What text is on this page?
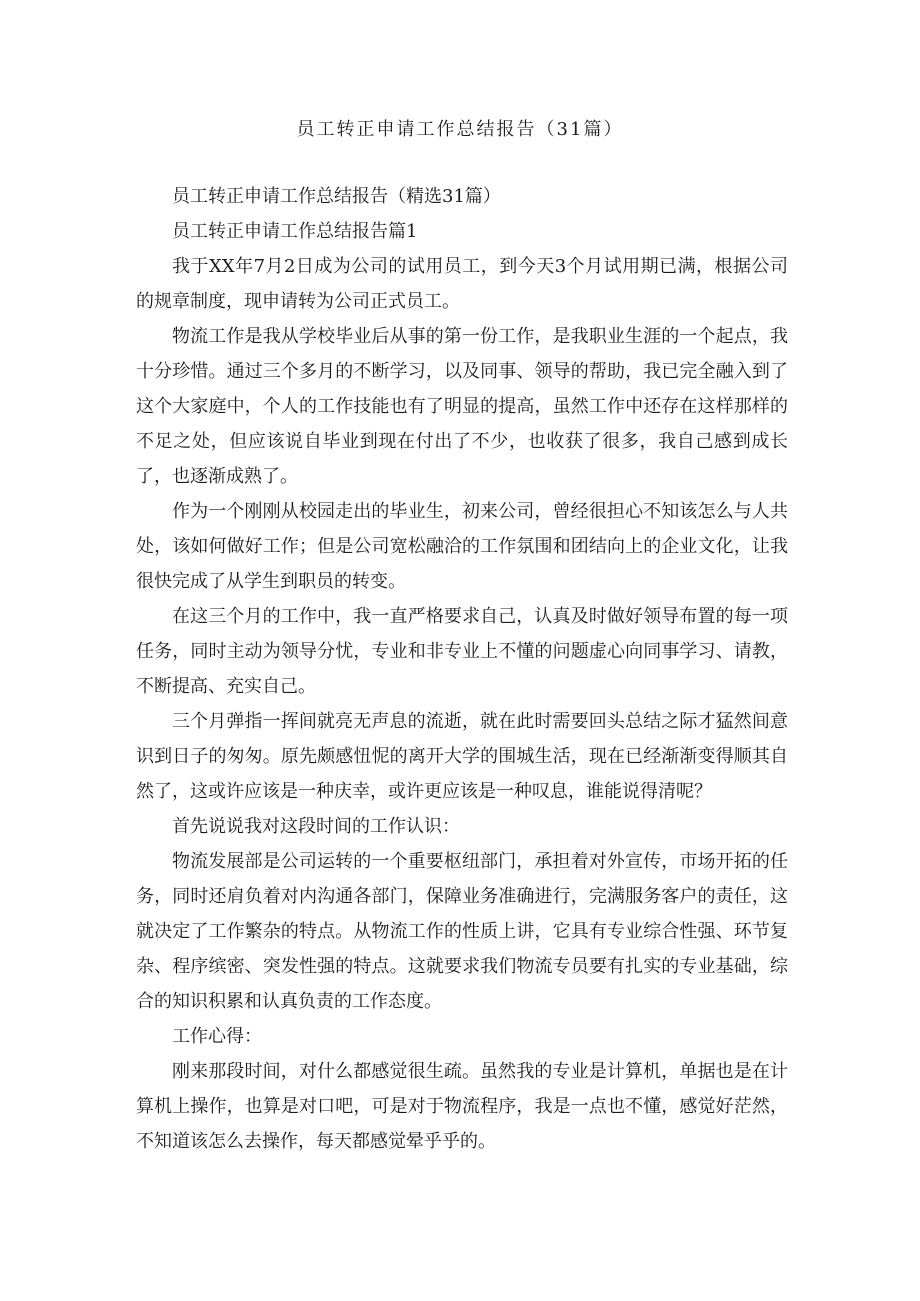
员工转正申请工作总结报告（31篇）

员工转正申请工作总结报告（精选31篇）

员工转正申请工作总结报告篇1

我于XX年7月2日成为公司的试用员工，到今天3个月试用期已满，根据公司的规章制度，现申请转为公司正式员工。

物流工作是我从学校毕业后从事的第一份工作，是我职业生涯的一个起点，我十分珍惜。通过三个多月的不断学习，以及同事、领导的帮助，我已完全融入到了这个大家庭中，个人的工作技能也有了明显的提高，虽然工作中还存在这样那样的不足之处，但应该说自毕业到现在付出了不少，也收获了很多，我自己感到成长了，也逐渐成熟了。

作为一个刚刚从校园走出的毕业生，初来公司，曾经很担心不知该怎么与人共处，该如何做好工作；但是公司宽松融洽的工作氛围和团结向上的企业文化，让我很快完成了从学生到职员的转变。

在这三个月的工作中，我一直严格要求自己，认真及时做好领导布置的每一项任务，同时主动为领导分忧，专业和非专业上不懂的问题虚心向同事学习、请教，不断提高、充实自己。

三个月弹指一挥间就亮无声息的流逝，就在此时需要回头总结之际才猛然间意识到日子的匆匆。原先颇感忸怩的离开大学的围城生活，现在已经渐渐变得顺其自然了，这或许应该是一种庆幸，或许更应该是一种叹息，谁能说得清呢？

首先说说我对这段时间的工作认识：

物流发展部是公司运转的一个重要枢纽部门，承担着对外宣传，市场开拓的任务，同时还肩负着对内沟通各部门，保障业务准确进行，完满服务客户的责任，这就决定了工作繁杂的特点。从物流工作的性质上讲，它具有专业综合性强、环节复杂、程序缤密、突发性强的特点。这就要求我们物流专员要有扎实的专业基础，综合的知识积累和认真负责的工作态度。

工作心得：

刚来那段时间，对什么都感觉很生疏。虽然我的专业是计算机，单据也是在计算机上操作，也算是对口吧，可是对于物流程序，我是一点也不懂，感觉好茫然，不知道该怎么去操作，每天都感觉晕乎乎的。
